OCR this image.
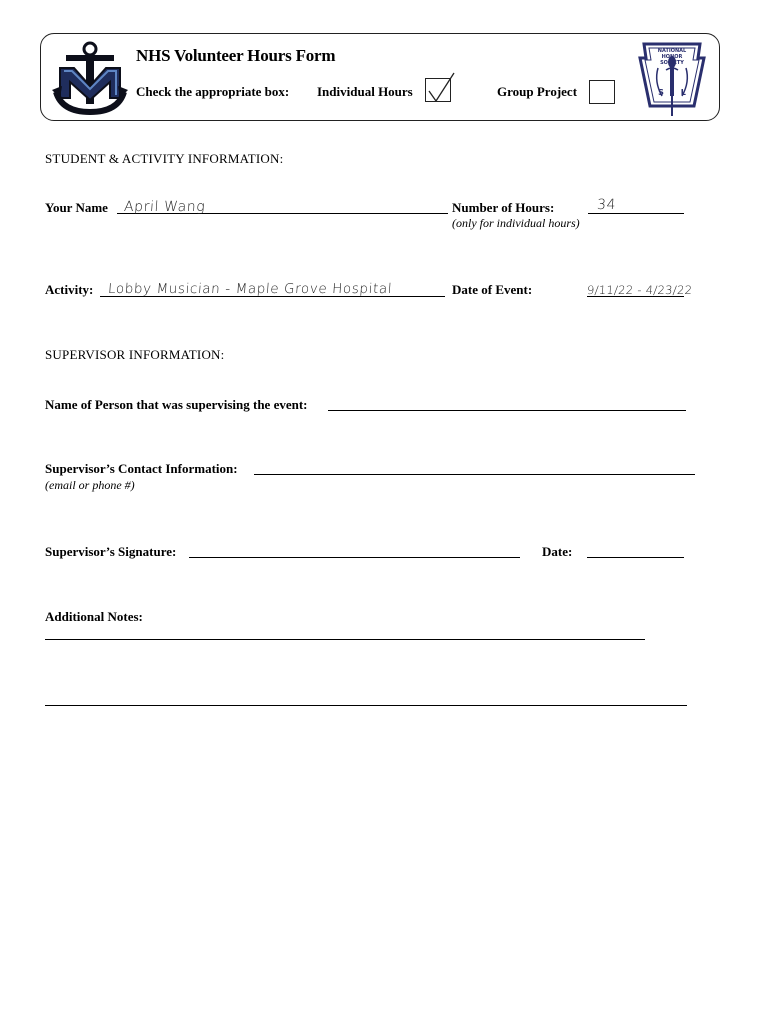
NHS Volunteer Hours Form
Check the appropriate box: Individual Hours	Group Project
NATIONAL HONOR SOCIETY
S L
STUDENT & ACTIVITY INFORMATION:
Your Name April Wang	Number of Hours:	34
(only for individual hours)
Activity: Lobby Musician - Maple Grove Hospital	Date of Event:	9/11/22 - 4/23/22
SUPERVISOR INFORMATION:
Name of Person that was supervising the event:
Supervisor’s Contact Information:
(email or phone #)
Supervisor’s Signature:	Date:
Additional Notes:
